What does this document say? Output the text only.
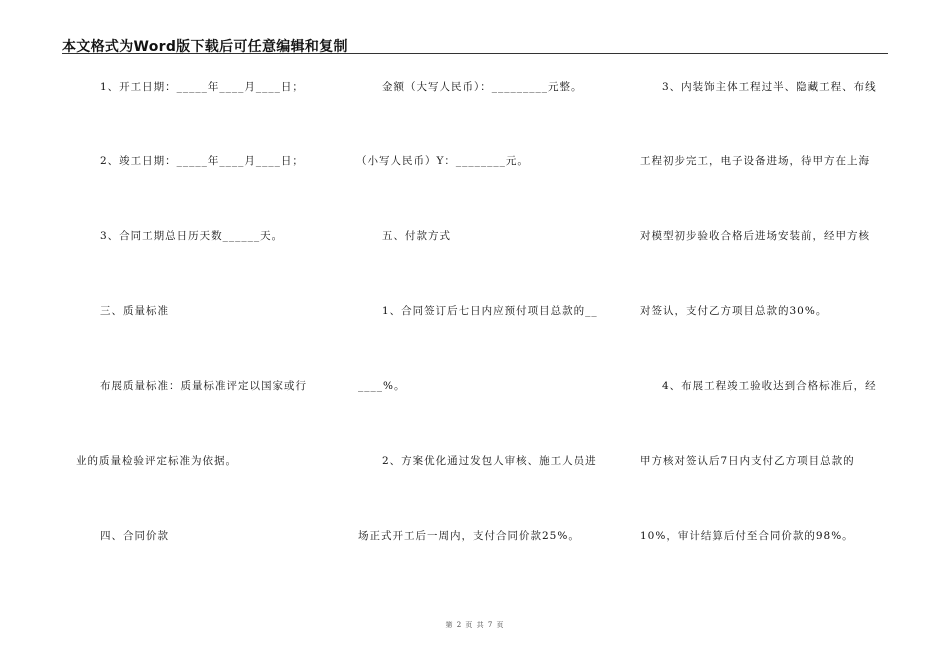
本文格式为Word版下载后可任意编辑和复制
1、开工日期：_____年____月____日；
2、竣工日期：_____年____月____日；
3、合同工期总日历天数______天。
三、质量标准
布展质量标准：质量标准评定以国家或行
业的质量检验评定标准为依据。
四、合同价款
金额（大写人民币）：_________元整。
（小写人民币）Y：________元。
五、付款方式
1、合同签订后七日内应预付项目总款的__
____%。
2、方案优化通过发包人审核、施工人员进
场正式开工后一周内，支付合同价款25%。
3、内装饰主体工程过半、隐藏工程、布线
工程初步完工，电子设备进场，待甲方在上海
对模型初步验收合格后进场安装前，经甲方核
对签认，支付乙方项目总款的30%。
4、布展工程竣工验收达到合格标准后，经
甲方核对签认后7日内支付乙方项目总款的
10%，审计结算后付至合同价款的98%。
第 2 页 共 7 页
